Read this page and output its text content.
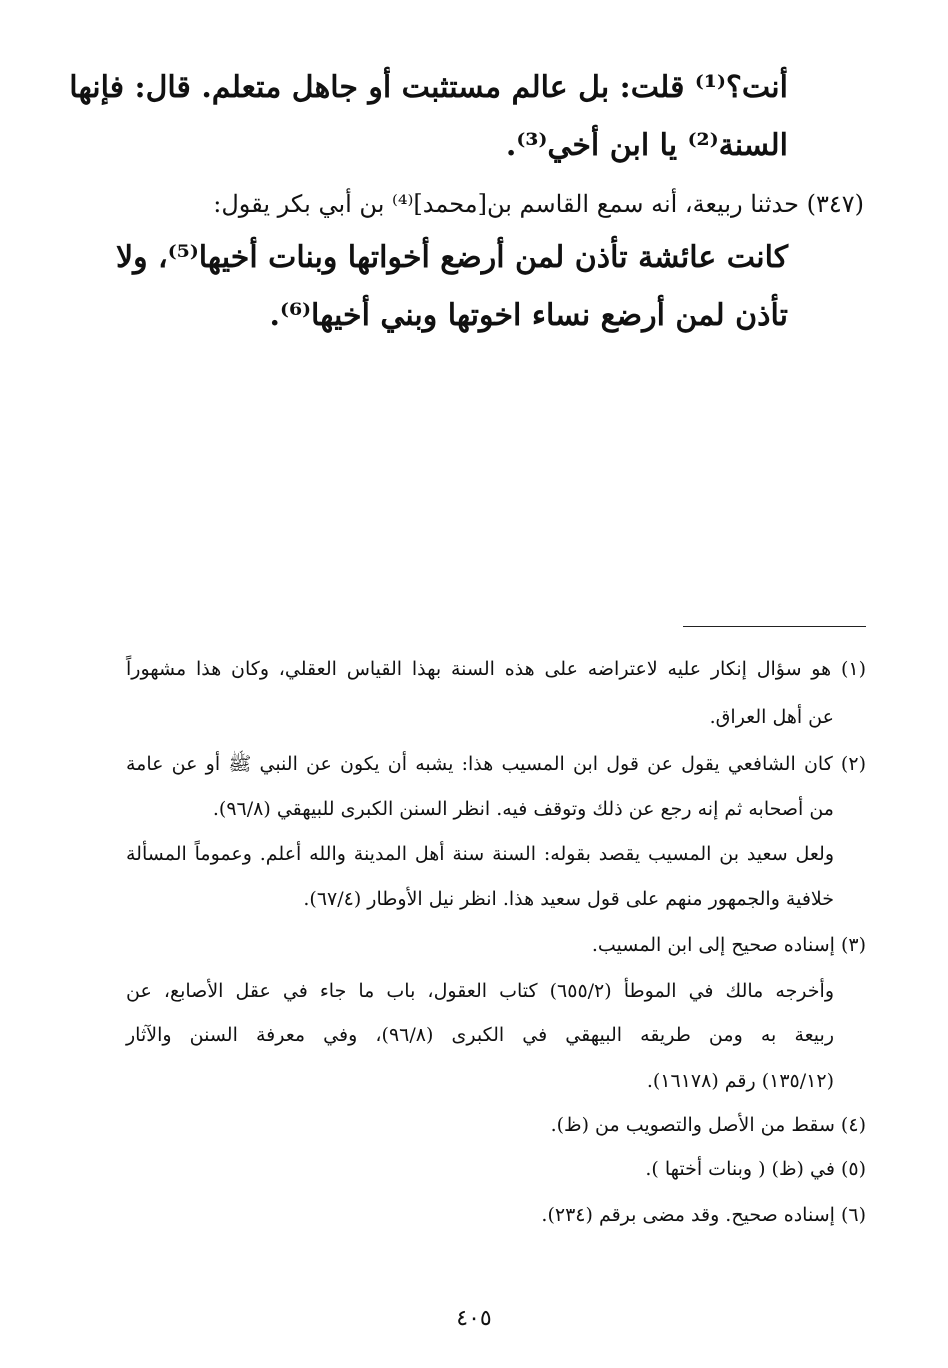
أنت؟⁽¹⁾ قلت: بل عالم مستثبت أو جاهل متعلم. قال: فإنها
السنة⁽²⁾ يا ابن أخي⁽³⁾.
(٣٤٧) حدثنا ربيعة، أنه سمع القاسم بن[محمد]⁽⁴⁾ بن أبي بكر يقول:
كانت عائشة تأذن لمن أرضع أخواتها وبنات أخيها⁽⁵⁾، ولا
تأذن لمن أرضع نساء اخوتها وبني أخيها⁽⁶⁾.
(١) هو سؤال إنكار عليه لاعتراضه على هذه السنة بهذا القياس العقلي، وكان هذا مشهوراً
عن أهل العراق.
(٢) كان الشافعي يقول عن قول ابن المسيب هذا: يشبه أن يكون عن النبي ﷺ أو عن عامة
من أصحابه ثم إنه رجع عن ذلك وتوقف فيه. انظر السنن الكبرى للبيهقي (٩٦/٨).
ولعل سعيد بن المسيب يقصد بقوله: السنة سنة أهل المدينة والله أعلم. وعموماً المسألة
خلافية والجمهور منهم على قول سعيد هذا. انظر نيل الأوطار (٦٧/٤).
(٣) إسناده صحيح إلى ابن المسيب.
وأخرجه مالك في الموطأ (٦٥٥/٢) كتاب العقول، باب ما جاء في عقل الأصابع، عن
ربيعة به ومن طريقه البيهقي في الكبرى (٩٦/٨)، وفي معرفة السنن والآثار
(١٣٥/١٢) رقم (١٦١٧٨).
(٤) سقط من الأصل والتصويب من (ظ).
(٥) في (ظ) ( وبنات أختها ).
(٦) إسناده صحيح. وقد مضى برقم (٢٣٤).
٤٠٥
